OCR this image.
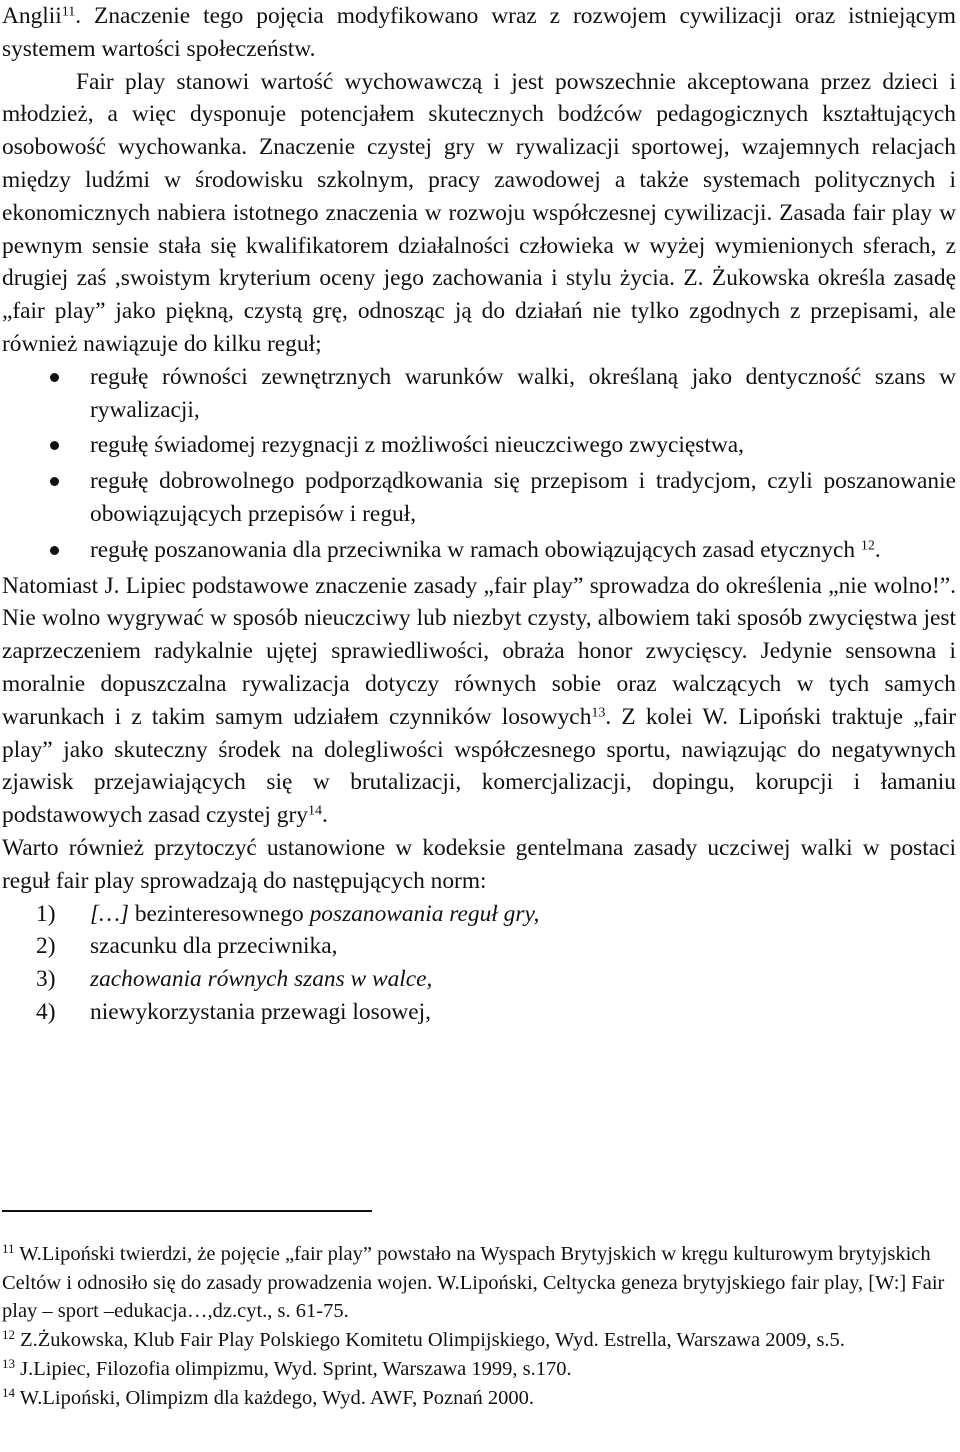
Anglii$^{11}$. Znaczenie tego pojęcia modyfikowano wraz z rozwojem cywilizacji oraz istniejącym systemem wartości społeczeństw.

Fair play stanowi wartość wychowawczą i jest powszechnie akceptowana przez dzieci i młodzież, a więc dysponuje potencjałem skutecznych bodźców pedagogicznych kształtujących osobowość wychowanka. Znaczenie czystej gry w rywalizacji sportowej, wzajemnych relacjach między ludźmi w środowisku szkolnym, pracy zawodowej a także systemach politycznych i ekonomicznych nabiera istotnego znaczenia w rozwoju współczesnej cywilizacji. Zasada fair play w pewnym sensie stała się kwalifikatorem działalności człowieka w wyżej wymienionych sferach, z drugiej zaś ,swoistym kryterium oceny jego zachowania i stylu życia. Z. Żukowska określa zasadę „fair play” jako piękną, czystą grę, odnosząc ją do działań nie tylko zgodnych z przepisami, ale również nawiązuje do kilku reguł;

regułę równości zewnętrznych warunków walki, określaną jako dentyczność szans w rywalizacji,
regułę świadomej rezygnacji z możliwości nieuczciwego zwycięstwa,
regułę dobrowolnego podporządkowania się przepisom i tradycjom, czyli poszanowanie obowiązujących przepisów i reguł,
regułę poszanowania dla przeciwnika w ramach obowiązujących zasad etycznych $^{12}$.

Natomiast J. Lipiec podstawowe znaczenie zasady „fair play” sprowadza do określenia „nie wolno!”. Nie wolno wygrywać w sposób nieuczciwy lub niezbyt czysty, albowiem taki sposób zwycięstwa jest zaprzeczeniem radykalnie ujętej sprawiedliwości, obraża honor zwycięscy. Jedynie sensowna i moralnie dopuszczalna rywalizacja dotyczy równych sobie oraz walczących w tych samych warunkach i z takim samym udziałem czynników losowych$^{13}$. Z kolei W. Lipoński traktuje „fair play” jako skuteczny środek na dolegliwości współczesnego sportu, nawiązując do negatywnych zjawisk przejawiających się w brutalizacji, komercjalizacji, dopingu, korupcji i łamaniu podstawowych zasad czystej gry$^{14}$.

Warto również przytoczyć ustanowione w kodeksie gentelmana zasady uczciwej walki w postaci reguł fair play sprowadzają do następujących norm:

1) […] bezinteresownego poszanowania reguł gry,
2) szacunku dla przeciwnika,
3) zachowania równych szans w walce,
4) niewykorzystania przewagi losowej,

$^{11}$ W.Lipoński twierdzi, że pojęcie „fair play” powstało na Wyspach Brytyjskich w kręgu kulturowym brytyjskich Celtów i odnosiło się do zasady prowadzenia wojen. W.Lipoński, Celtycka geneza brytyjskiego fair play, [W:] Fair play – sport –edukacja…,dz.cyt., s. 61-75.

$^{12}$ Z.Żukowska, Klub Fair Play Polskiego Komitetu Olimpijskiego, Wyd. Estrella, Warszawa 2009, s.5.

$^{13}$ J.Lipiec, Filozofia olimpizmu, Wyd. Sprint, Warszawa 1999, s.170.

$^{14}$ W.Lipoński, Olimpizm dla każdego, Wyd. AWF, Poznań 2000.
